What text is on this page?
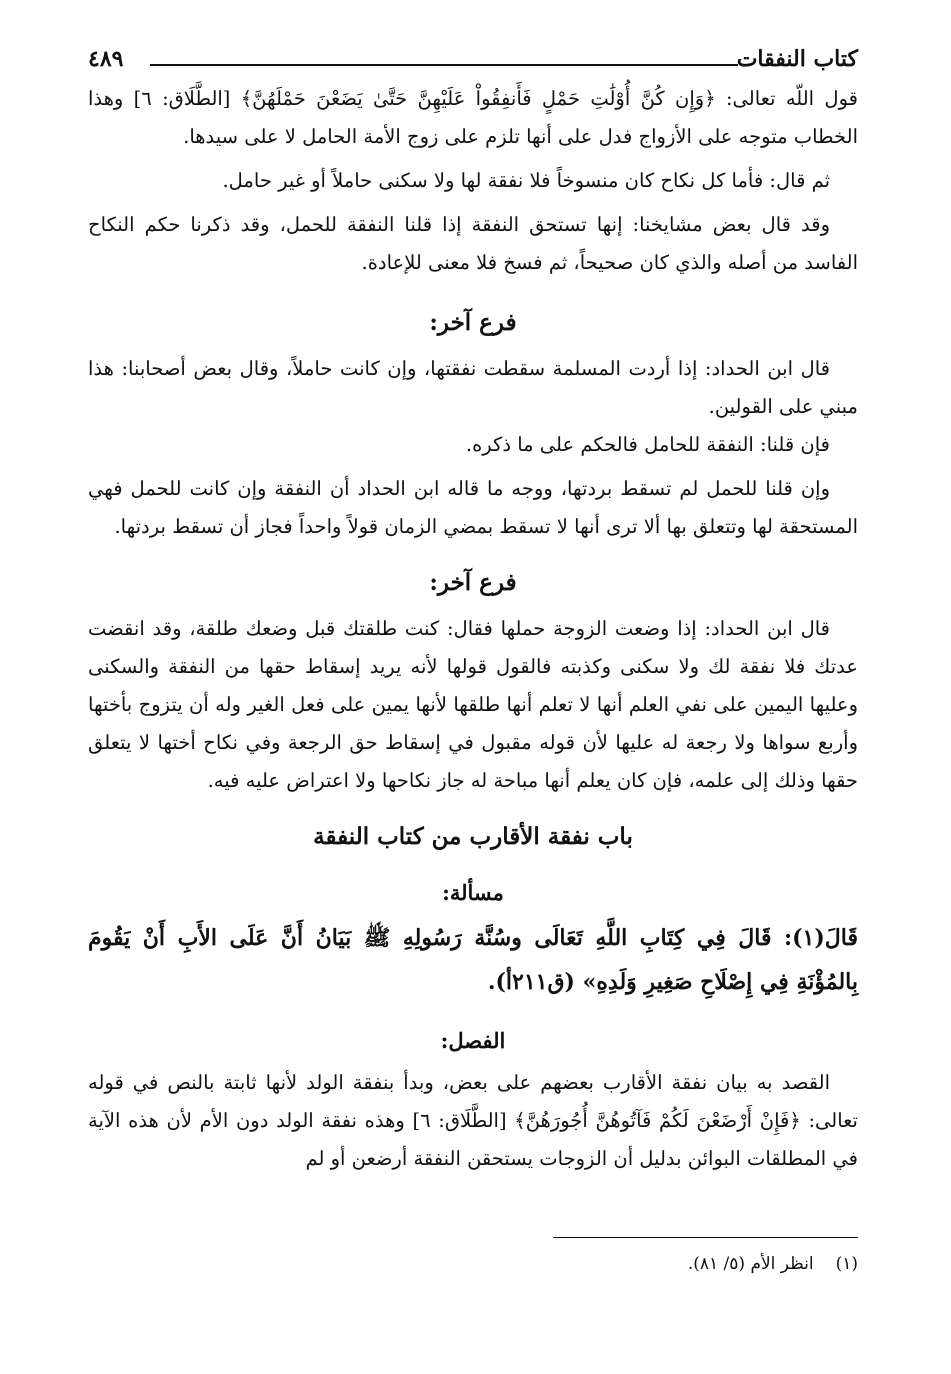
كتاب النفقات
٤٨٩

قول اللّه تعالى: ﴿وَإِن كُنَّ أُوْلَٰتِ حَمْلٍ فَأَنفِقُواْ عَلَيْهِنَّ حَتَّىٰ يَضَعْنَ حَمْلَهُنَّ﴾ [الطَّلَاق: ٦] وهذا الخطاب متوجه على الأزواج فدل على أنها تلزم على زوج الأمة الحامل لا على سيدها.

ثم قال: فأما كل نكاح كان منسوخاً فلا نفقة لها ولا سكنى حاملاً أو غير حامل.

وقد قال بعض مشايخنا: إنها تستحق النفقة إذا قلنا النفقة للحمل، وقد ذكرنا حكم النكاح الفاسد من أصله والذي كان صحيحاً، ثم فسخ فلا معنى للإعادة.

فرع آخر:

قال ابن الحداد: إذا أردت المسلمة سقطت نفقتها، وإن كانت حاملاً، وقال بعض أصحابنا: هذا مبني على القولين.

فإن قلنا: النفقة للحامل فالحكم على ما ذكره.

وإن قلنا للحمل لم تسقط بردتها، ووجه ما قاله ابن الحداد أن النفقة وإن كانت للحمل فهي المستحقة لها وتتعلق بها ألا ترى أنها لا تسقط بمضي الزمان قولاً واحداً فجاز أن تسقط بردتها.

فرع آخر:

قال ابن الحداد: إذا وضعت الزوجة حملها فقال: كنت طلقتك قبل وضعك طلقة، وقد انقضت عدتك فلا نفقة لك ولا سكنى وكذبته فالقول قولها لأنه يريد إسقاط حقها من النفقة والسكنى وعليها اليمين على نفي العلم أنها لا تعلم أنها طلقها لأنها يمين على فعل الغير وله أن يتزوج بأختها وأربع سواها ولا رجعة له عليها لأن قوله مقبول في إسقاط حق الرجعة وفي نكاح أختها لا يتعلق حقها وذلك إلى علمه، فإن كان يعلم أنها مباحة له جاز نكاحها ولا اعتراض عليه فيه.

باب نفقة الأقارب من كتاب النفقة
مسألة:
قَالَ(١): قَالَ فِي كِتَابِ اللَّهِ تَعَالَى وسُنَّة رَسُولِهِ ﷺ بَيَانُ أَنَّ عَلَى الأَبِ أَنْ يَقُومَ بِالمُؤْنَةِ فِي إِصْلَاحِ صَغِيرِ وَلَدِهِ» (ق٢١١أ).
الفصل:

القصد به بيان نفقة الأقارب بعضهم على بعض، وبدأ بنفقة الولد لأنها ثابتة بالنص في قوله تعالى: ﴿فَإِنْ أَرْضَعْنَ لَكُمْ فَآتُوهُنَّ أُجُورَهُنَّ﴾ [الطَّلَاق: ٦] وهذه نفقة الولد دون الأم لأن هذه الآية في المطلقات البوائن بدليل أن الزوجات يستحقن النفقة أرضعن أو لم

(١)انظر الأم (٥/ ٨١).
